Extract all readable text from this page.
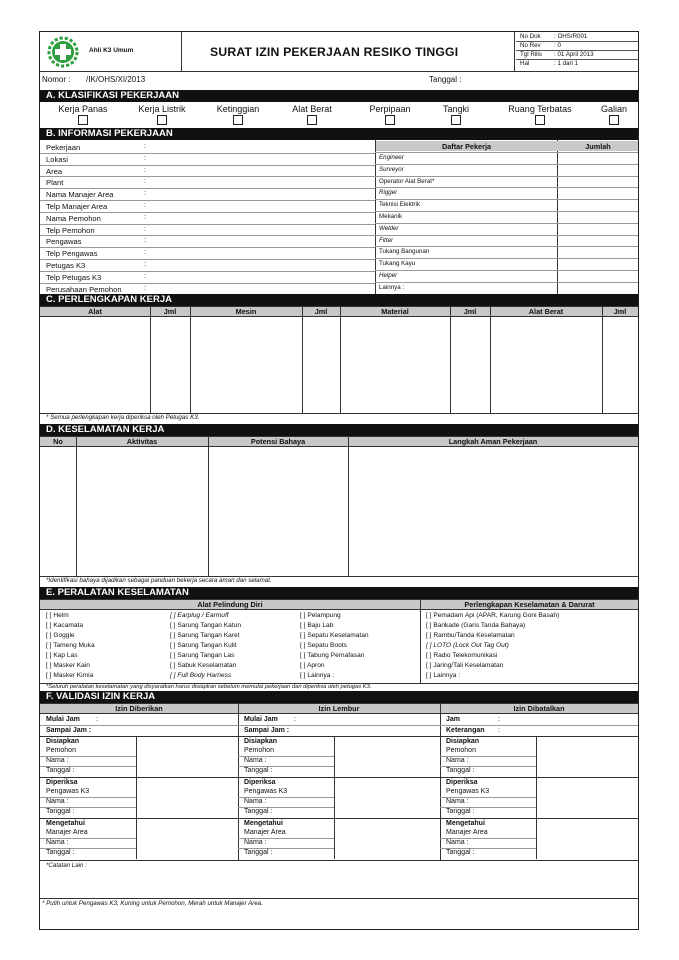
Ahli K3 Umum	SURAT IZIN PEKERJAAN RESIKO TINGGI
No Dok : OHS/R001
No Rev : 0
Tgl Rilis : 01 April 2013
Hal	: 1 dari 1
Nomor : /IK/OHS/XI/2013	Tanggal :
A. KLASIFIKASI PEKERJAAN
Kerja Panas	Kerja Listrik	Ketinggian	Alat Berat	Perpipaan	Tangki	Ruang Terbatas	Galian
B. INFORMASI PEKERJAAN
Daftar Pekerja	Jumlah
Pekerjaan	:
Lokasi	:
Area	:
Plant	:
Nama Manajer Area	:
Telp Manajer Area	:
Nama Pemohon	:
Telp Pemohon	:
Pengawas	:
Telp Pengawas	:
Petugas K3	:
Telp Petugas K3	:
Perusahaan Pemohon	:
Engineer
Surveyor
Operator Alat Berat*
Rigger
Teknisi Elektrik
Mekanik
Welder
Fitter
Tukang Bangunan
Tukang Kayu
Helper
Lainnya :
C. PERLENGKAPAN KERJA
Alat	Jml	Mesin	Jml	Material	Jml	Alat Berat	Jml
* Semua perlengkapan kerja diperiksa oleh Petugas K3.
D. KESELAMATAN KERJA
No	Aktivitas	Potensi Bahaya	Langkah Aman Pekerjaan
*Identifikasi bahaya dijadikan sebagai panduan bekerja secara aman dan selamat.
E. PERALATAN KESELAMATAN
Alat Pelindung Diri	Perlengkapan Keselamatan & Darurat
[ ] Helm
[ ] Kacamata
[ ] Goggle
[ ] Tameng Muka
[ ] Kap Las
[ ] Masker Kain
[ ] Masker Kimia
[ ] Earplug / Earmuff
[ ] Sarung Tangan Katun
[ ] Sarung Tangan Karet
[ ] Sarung Tangan Kulit
[ ] Sarung Tangan Las
[ ] Sabuk Keselamatan
[ ] Full Body Harness
[ ] Pelampung
[ ] Baju Lab
[ ] Sepatu Keselamatan
[ ] Sepatu Boots
[ ] Tabung Pernafasan
[ ] Apron
[ ] Lainnya :
[ ] Pemadam Api (APAR, Karung Goni Basah)
[ ] Barikade (Garis Tanda Bahaya)
[ ] Rambu/Tanda Keselamatan
[ ] LOTO (Lock Out Tag Out)
[ ] Radio Telekomunikasi
[ ] Jaring/Tali Keselamatan
[ ] Lainnya :
*Seluruh peralatan keselamatan yang disyaratkan harus disiapkan sebelum memulai pekerjaan dan diperiksa oleh petugas K3.
F. VALIDASI IZIN KERJA
Izin Diberikan
Mulai Jam :
Sampai Jam :
Disiapkan
Pemohon
Nama :
Tanggal :
Diperiksa
Pengawas K3
Nama :
Tanggal :
Mengetahui
Manajer Area
Nama :
Tanggal :
Izin Lembur
Mulai Jam :
Sampai Jam :
Disiapkan
Pemohon
Nama :
Tanggal :
Diperiksa
Pengawas K3
Nama :
Tanggal :
Mengetahui
Manajer Area
Nama :
Tanggal :
Izin Dibatalkan
Jam	:
Keterangan :
Disiapkan
Pemohon
Nama :
Tanggal :
Diperiksa
Pengawas K3
Nama :
Tanggal :
Mengetahui
Manajer Area
Nama :
Tanggal :
*Catatan Lain :
* Putih untuk Pengawas K3, Kuning untuk Pemohon, Merah untuk Manajer Area.
